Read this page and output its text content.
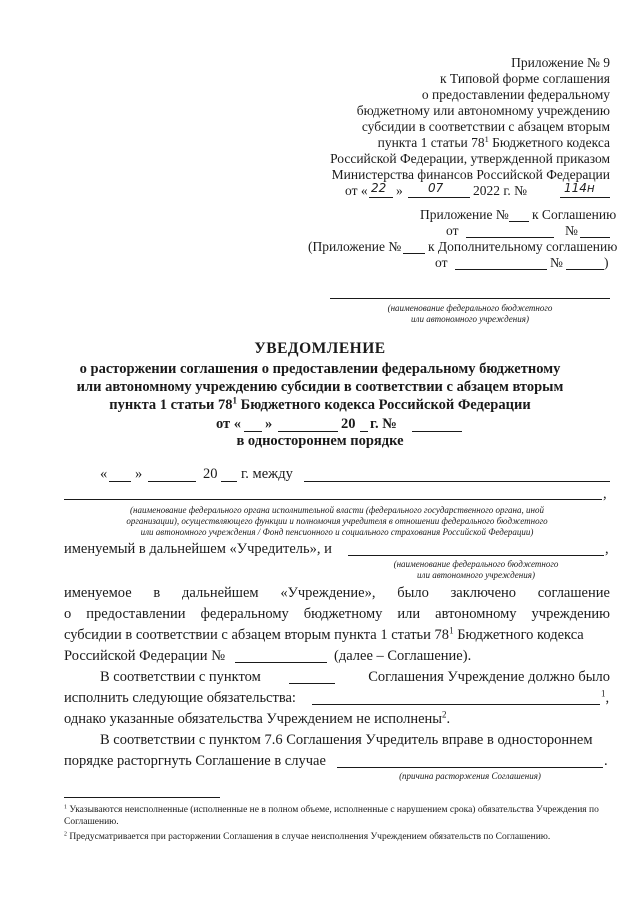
Приложение № 9
к Типовой форме соглашения
о предоставлении федеральному
бюджетному или автономному учреждению
субсидии в соответствии с абзацем вторым
пункта 1 статьи $78^1$ Бюджетного кодекса
Российской Федерации, утвержденной приказом
Министерства финансов Российской Федерации
от « 22 » 07 2022 г. №	114н
Приложение № к Соглашению
от	№
(Приложение № к Дополнительному соглашению
от	№	)
(наименование федерального бюджетного
или автономного учреждения)
УВЕДОМЛЕНИЕ
о расторжении соглашения о предоставлении федеральному бюджетному
или автономному учреждению субсидии в соответствии с абзацем вторым
пункта 1 статьи $78^1$ Бюджетного кодекса Российской Федерации
от « »	20 г. №
в одностороннем порядке
« »	20 г. между
,
(наименование федерального органа исполнительной власти (федерального государственного органа, иной
организации), осуществляющего функции и полномочия учредителя в отношении федерального бюджетного
или автономного учреждения / Фонд пенсионного и социального страхования Российской Федерации)
именуемый в дальнейшем «Учредитель», и	,
(наименование федерального бюджетного
или автономного учреждения)
именуемое в дальнейшем «Учреждение», было заключено соглашение
о предоставлении федеральному бюджетному или автономному учреждению
субсидии в соответствии с абзацем вторым пункта 1 статьи $78^1$ Бюджетного кодекса
Российской Федерации №	(далее – Соглашение).
В соответствии с пунктом	Соглашения Учреждение должно было
исполнить следующие обязательства:	$^1$,
однако указанные обязательства Учреждением не исполнены$^2$.
В соответствии с пунктом 7.6 Соглашения Учредитель вправе в одностороннем
порядке расторгнуть Соглашение в случае	.
(причина расторжения Соглашения)
$^1$ Указываются неисполненные (исполненные не в полном объеме, исполненные с нарушением срока) обязательства Учреждения по Соглашению.
$^2$ Предусматривается при расторжении Соглашения в случае неисполнения Учреждением обязательств по Соглашению.
